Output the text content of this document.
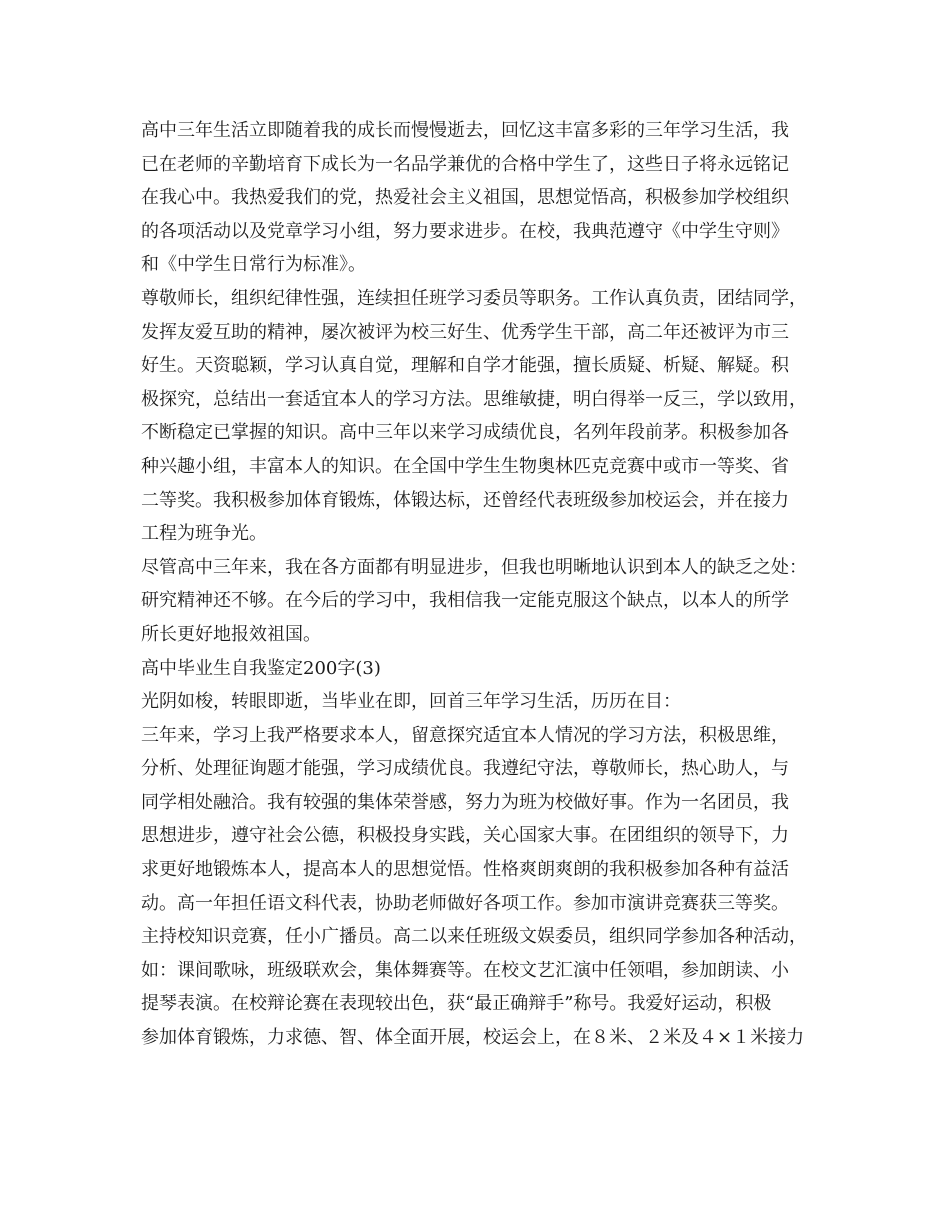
高中三年生活立即随着我的成长而慢慢逝去，回忆这丰富多彩的三年学习生活，我
已在老师的辛勤培育下成长为一名品学兼优的合格中学生了，这些日子将永远铭记
在我心中。我热爱我们的党，热爱社会主义祖国，思想觉悟高，积极参加学校组织
的各项活动以及党章学习小组，努力要求进步。在校，我典范遵守《中学生守则》
和《中学生日常行为标准》。
尊敬师长，组织纪律性强，连续担任班学习委员等职务。工作认真负责，团结同学，
发挥友爱互助的精神，屡次被评为校三好生、优秀学生干部，高二年还被评为市三
好生。天资聪颖，学习认真自觉，理解和自学才能强，擅长质疑、析疑、解疑。积
极探究，总结出一套适宜本人的学习方法。思维敏捷，明白得举一反三，学以致用，
不断稳定已掌握的知识。高中三年以来学习成绩优良，名列年段前茅。积极参加各
种兴趣小组，丰富本人的知识。在全国中学生生物奥林匹克竞赛中或市一等奖、省
二等奖。我积极参加体育锻炼，体锻达标，还曾经代表班级参加校运会，并在接力
工程为班争光。
尽管高中三年来，我在各方面都有明显进步，但我也明晰地认识到本人的缺乏之处：
研究精神还不够。在今后的学习中，我相信我一定能克服这个缺点，以本人的所学
所长更好地报效祖国。
高中毕业生自我鉴定200字(3)
光阴如梭，转眼即逝，当毕业在即，回首三年学习生活，历历在目：
三年来，学习上我严格要求本人，留意探究适宜本人情况的学习方法，积极思维，
分析、处理征询题才能强，学习成绩优良。我遵纪守法，尊敬师长，热心助人，与
同学相处融洽。我有较强的集体荣誉感，努力为班为校做好事。作为一名团员，我
思想进步，遵守社会公德，积极投身实践，关心国家大事。在团组织的领导下，力
求更好地锻炼本人，提高本人的思想觉悟。性格爽朗爽朗的我积极参加各种有益活
动。高一年担任语文科代表，协助老师做好各项工作。参加市演讲竞赛获三等奖。
主持校知识竞赛，任小广播员。高二以来任班级文娱委员，组织同学参加各种活动，
如：课间歌咏，班级联欢会，集体舞赛等。在校文艺汇演中任领唱，参加朗读、小
提琴表演。在校辩论赛在表现较出色，获“最正确辩手”称号。我爱好运动，积极
参加体育锻炼，力求德、智、体全面开展，校运会上，在８米、２米及４×１米接力
